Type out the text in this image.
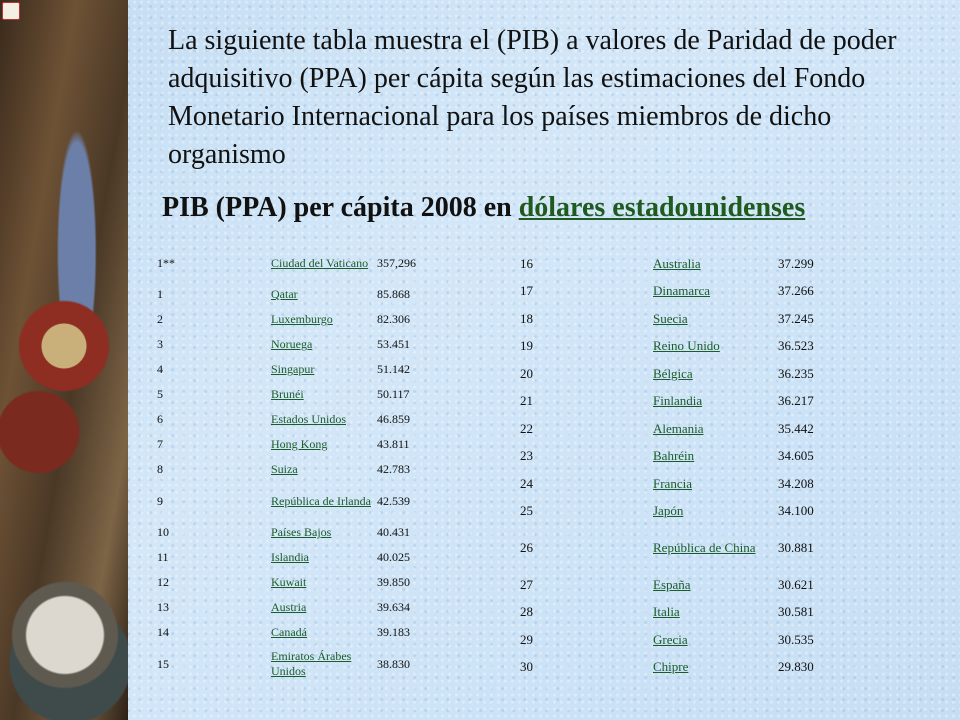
La siguiente tabla muestra el (PIB) a valores de Paridad de poder adquisitivo (PPA) per cápita según las estimaciones del Fondo Monetario Internacional para los países miembros de dicho organismo

PIB (PPA) per cápita 2008 en dólares estadounidenses
1**	Ciudad del Vaticano	357,296
1	Qatar	85.868
2	Luxemburgo	82.306
3	Noruega	53.451
4	Singapur	51.142
5	Brunéi	50.117
6	Estados Unidos	46.859
7	Hong Kong	43.811
8	Suiza	42.783
9	República de Irlanda	42.539
10	Países Bajos	40.431
11	Islandia	40.025
12	Kuwait	39.850
13	Austria	39.634
14	Canadá	39.183
15	Emiratos Árabes Unidos	38.830
16	Australia	37.299
17	Dinamarca	37.266
18	Suecia	37.245
19	Reino Unido	36.523
20	Bélgica	36.235
21	Finlandia	36.217
22	Alemania	35.442
23	Bahréin	34.605
24	Francia	34.208
25	Japón	34.100
26	República de China	30.881
27	España	30.621
28	Italia	30.581
29	Grecia	30.535
30	Chipre	29.830
